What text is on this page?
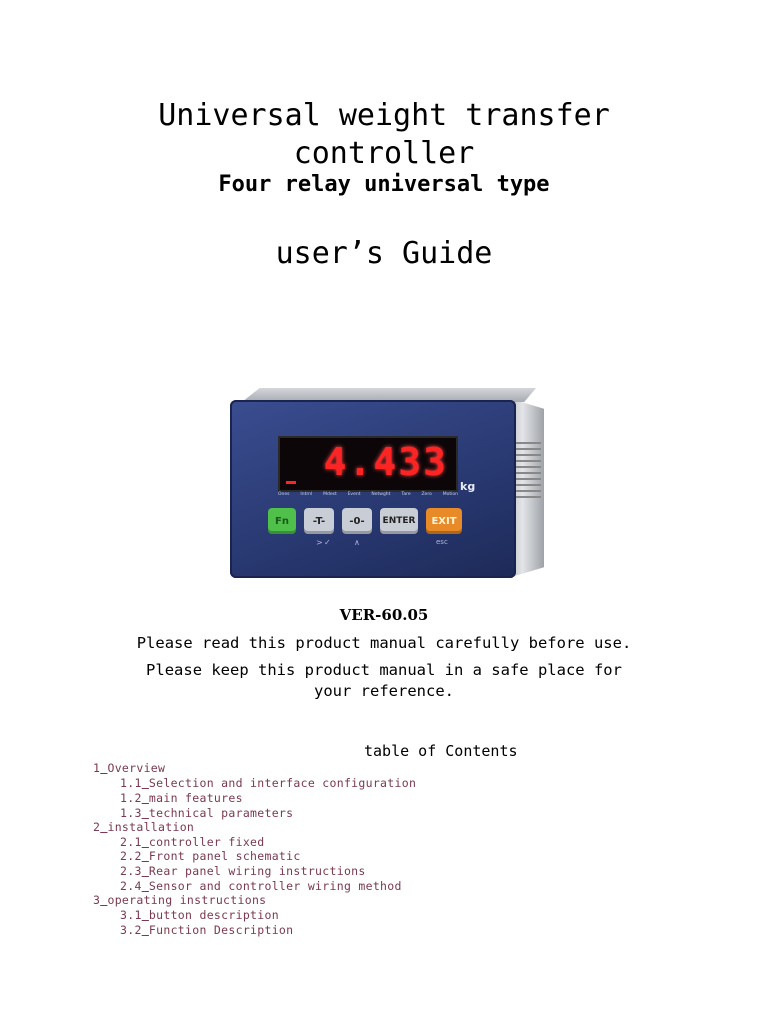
Universal weight transfer
controller
Four relay universal type
user’s Guide
4.433
kg
Ones Intrnl Mdest Event Netwght Tare Zero Motion
Fn	-T-	-0-	ENTER	EXIT
> ✓	∧	esc
VER-60.05
Please read this product manual carefully before use.
Please keep this product manual in a safe place for
your reference.
table of Contents
1 Overview
1.1 Selection and interface configuration
1.2 main features
1.3 technical parameters
2 installation
2.1 controller fixed
2.2 Front panel schematic
2.3 Rear panel wiring instructions
2.4 Sensor and controller wiring method
3 operating instructions
3.1 button description
3.2 Function Description
